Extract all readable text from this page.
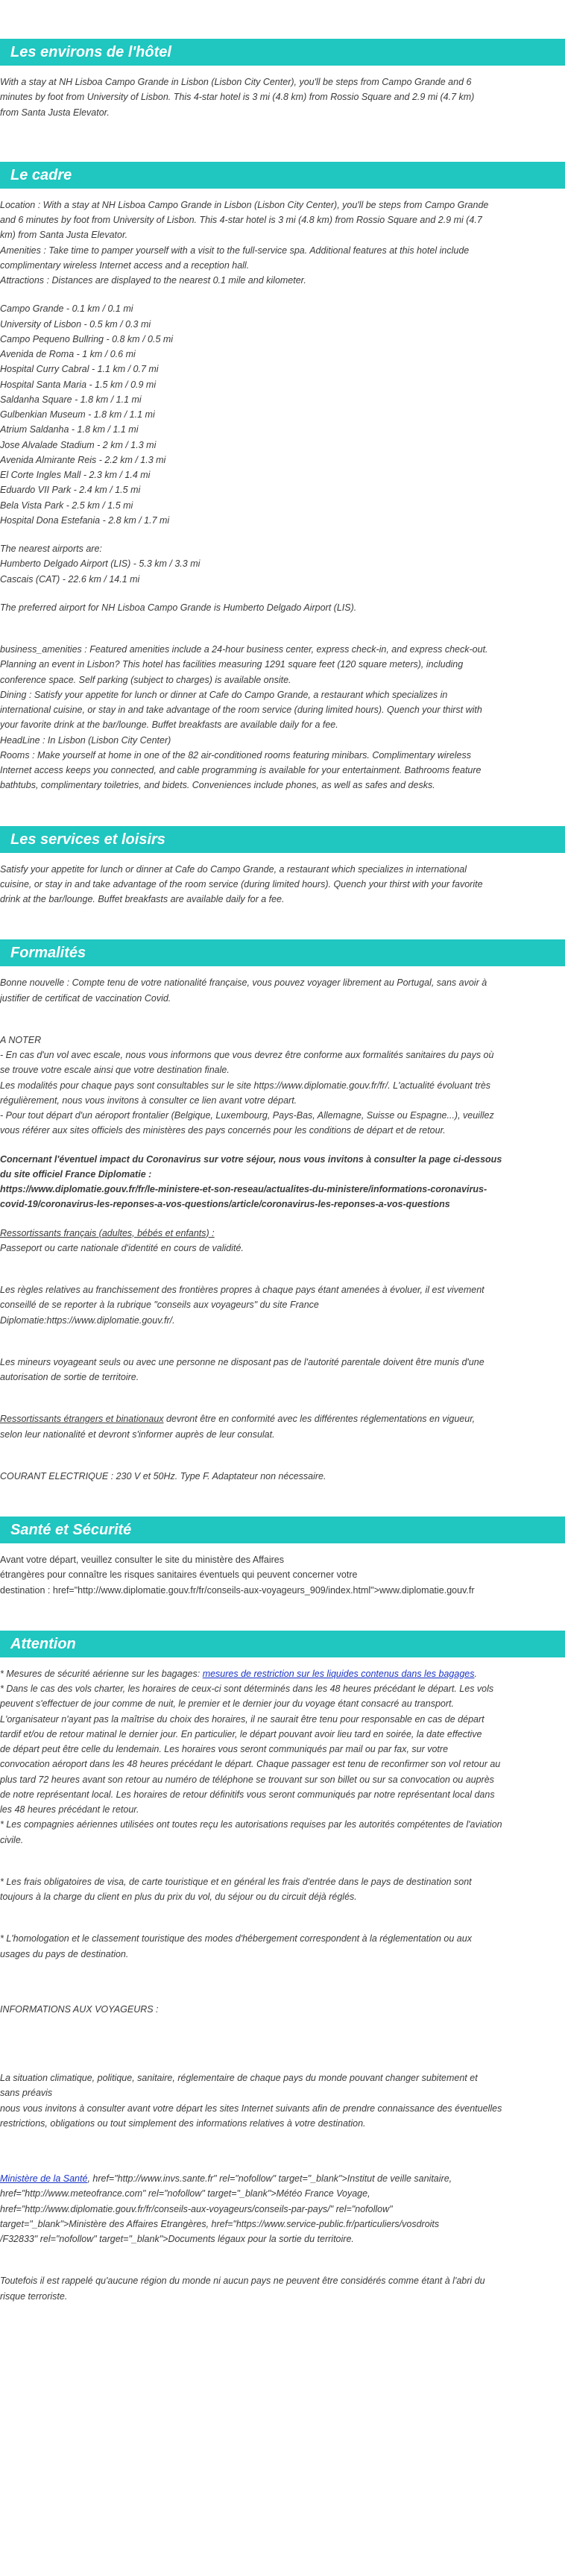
Les environs de l'hôtel

With a stay at NH Lisboa Campo Grande in Lisbon (Lisbon City Center), you'll be steps from Campo Grande and 6
minutes by foot from University of Lisbon. This 4-star hotel is 3 mi (4.8 km) from Rossio Square and 2.9 mi (4.7 km)
from Santa Justa Elevator.

Le cadre

Location : With a stay at NH Lisboa Campo Grande in Lisbon (Lisbon City Center), you'll be steps from Campo Grande
and 6 minutes by foot from University of Lisbon. This 4-star hotel is 3 mi (4.8 km) from Rossio Square and 2.9 mi (4.7
km) from Santa Justa Elevator.
Amenities : Take time to pamper yourself with a visit to the full-service spa. Additional features at this hotel include
complimentary wireless Internet access and a reception hall.
Attractions : Distances are displayed to the nearest 0.1 mile and kilometer.

Campo Grande - 0.1 km / 0.1 mi
University of Lisbon - 0.5 km / 0.3 mi
Campo Pequeno Bullring - 0.8 km / 0.5 mi
Avenida de Roma - 1 km / 0.6 mi
Hospital Curry Cabral - 1.1 km / 0.7 mi
Hospital Santa Maria - 1.5 km / 0.9 mi
Saldanha Square - 1.8 km / 1.1 mi
Gulbenkian Museum - 1.8 km / 1.1 mi
Atrium Saldanha - 1.8 km / 1.1 mi
Jose Alvalade Stadium - 2 km / 1.3 mi
Avenida Almirante Reis - 2.2 km / 1.3 mi
El Corte Ingles Mall - 2.3 km / 1.4 mi
Eduardo VII Park - 2.4 km / 1.5 mi
Bela Vista Park - 2.5 km / 1.5 mi
Hospital Dona Estefania - 2.8 km / 1.7 mi

The nearest airports are:
Humberto Delgado Airport (LIS) - 5.3 km / 3.3 mi
Cascais (CAT) - 22.6 km / 14.1 mi

The preferred airport for NH Lisboa Campo Grande is Humberto Delgado Airport (LIS).

business_amenities : Featured amenities include a 24-hour business center, express check-in, and express check-out.
Planning an event in Lisbon? This hotel has facilities measuring 1291 square feet (120 square meters), including
conference space. Self parking (subject to charges) is available onsite.
Dining : Satisfy your appetite for lunch or dinner at Cafe do Campo Grande, a restaurant which specializes in
international cuisine, or stay in and take advantage of the room service (during limited hours). Quench your thirst with
your favorite drink at the bar/lounge. Buffet breakfasts are available daily for a fee.
HeadLine : In Lisbon (Lisbon City Center)
Rooms : Make yourself at home in one of the 82 air-conditioned rooms featuring minibars. Complimentary wireless
Internet access keeps you connected, and cable programming is available for your entertainment. Bathrooms feature
bathtubs, complimentary toiletries, and bidets. Conveniences include phones, as well as safes and desks.

Les services et loisirs

Satisfy your appetite for lunch or dinner at Cafe do Campo Grande, a restaurant which specializes in international
cuisine, or stay in and take advantage of the room service (during limited hours). Quench your thirst with your favorite
drink at the bar/lounge. Buffet breakfasts are available daily for a fee.

Formalités

Bonne nouvelle : Compte tenu de votre nationalité française, vous pouvez voyager librement au Portugal, sans avoir à
justifier de certificat de vaccination Covid.

A NOTER
- En cas d'un vol avec escale, nous vous informons que vous devrez être conforme aux formalités sanitaires du pays où
se trouve votre escale ainsi que votre destination finale.
Les modalités pour chaque pays sont consultables sur le site https://www.diplomatie.gouv.fr/fr/. L'actualité évoluant très
régulièrement, nous vous invitons à consulter ce lien avant votre départ.
- Pour tout départ d'un aéroport frontalier (Belgique, Luxembourg, Pays-Bas, Allemagne, Suisse ou Espagne...), veuillez
vous référer aux sites officiels des ministères des pays concernés pour les conditions de départ et de retour.

Concernant l'éventuel impact du Coronavirus sur votre séjour, nous vous invitons à consulter la page ci-dessous
du site officiel France Diplomatie :
https://www.diplomatie.gouv.fr/fr/le-ministere-et-son-reseau/actualites-du-ministere/informations-coronavirus-
covid-19/coronavirus-les-reponses-a-vos-questions/article/coronavirus-les-reponses-a-vos-questions

Ressortissants français (adultes, bébés et enfants) :
Passeport ou carte nationale d'identité en cours de validité.

Les règles relatives au franchissement des frontières propres à chaque pays étant amenées à évoluer, il est vivement
conseillé de se reporter à la rubrique "conseils aux voyageurs" du site France
Diplomatie:https://www.diplomatie.gouv.fr/.

Les mineurs voyageant seuls ou avec une personne ne disposant pas de l'autorité parentale doivent être munis d'une
autorisation de sortie de territoire.

Ressortissants étrangers et binationaux devront être en conformité avec les différentes réglementations en vigueur,
selon leur nationalité et devront s'informer auprès de leur consulat.

COURANT ELECTRIQUE : 230 V et 50Hz. Type F. Adaptateur non nécessaire.

Santé et Sécurité

Avant votre départ, veuillez consulter le site du ministère des Affaires
étrangères pour connaître les risques sanitaires éventuels qui peuvent concerner votre
destination : href="http://www.diplomatie.gouv.fr/fr/conseils-aux-voyageurs_909/index.html">www.diplomatie.gouv.fr

Attention

* Mesures de sécurité aérienne sur les bagages: mesures de restriction sur les liquides contenus dans les bagages.

* Dans le cas des vols charter, les horaires de ceux-ci sont déterminés dans les 48 heures précédant le départ. Les vols
peuvent s'effectuer de jour comme de nuit, le premier et le dernier jour du voyage étant consacré au transport.
L'organisateur n'ayant pas la maîtrise du choix des horaires, il ne saurait être tenu pour responsable en cas de départ
tardif et/ou de retour matinal le dernier jour. En particulier, le départ pouvant avoir lieu tard en soirée, la date effective
de départ peut être celle du lendemain. Les horaires vous seront communiqués par mail ou par fax, sur votre
convocation aéroport dans les 48 heures précédant le départ. Chaque passager est tenu de reconfirmer son vol retour au
plus tard 72 heures avant son retour au numéro de téléphone se trouvant sur son billet ou sur sa convocation ou auprès
de notre représentant local. Les horaires de retour définitifs vous seront communiqués par notre représentant local dans
les 48 heures précédant le retour.
* Les compagnies aériennes utilisées ont toutes reçu les autorisations requises par les autorités compétentes de l'aviation
civile.

* Les frais obligatoires de visa, de carte touristique et en général les frais d'entrée dans le pays de destination sont
toujours à la charge du client en plus du prix du vol, du séjour ou du circuit déjà réglés.

* L'homologation et le classement touristique des modes d'hébergement correspondent à la réglementation ou aux
usages du pays de destination.

INFORMATIONS AUX VOYAGEURS :

La situation climatique, politique, sanitaire, réglementaire de chaque pays du monde pouvant changer subitement et
sans préavis
nous vous invitons à consulter avant votre départ les sites Internet suivants afin de prendre connaissance des éventuelles
restrictions, obligations ou tout simplement des informations relatives à votre destination.

Ministère de la Santé, href="http://www.invs.sante.fr" rel="nofollow" target="_blank">Institut de veille sanitaire,
href="http://www.meteofrance.com" rel="nofollow" target="_blank">Météo France Voyage,
href="http://www.diplomatie.gouv.fr/fr/conseils-aux-voyageurs/conseils-par-pays/" rel="nofollow"
target="_blank">Ministère des Affaires Etrangères, href="https://www.service-public.fr/particuliers/vosdroits
/F32833" rel="nofollow" target="_blank">Documents légaux pour la sortie du territoire.

Toutefois il est rappelé qu'aucune région du monde ni aucun pays ne peuvent être considérés comme étant à l'abri du
risque terroriste.
